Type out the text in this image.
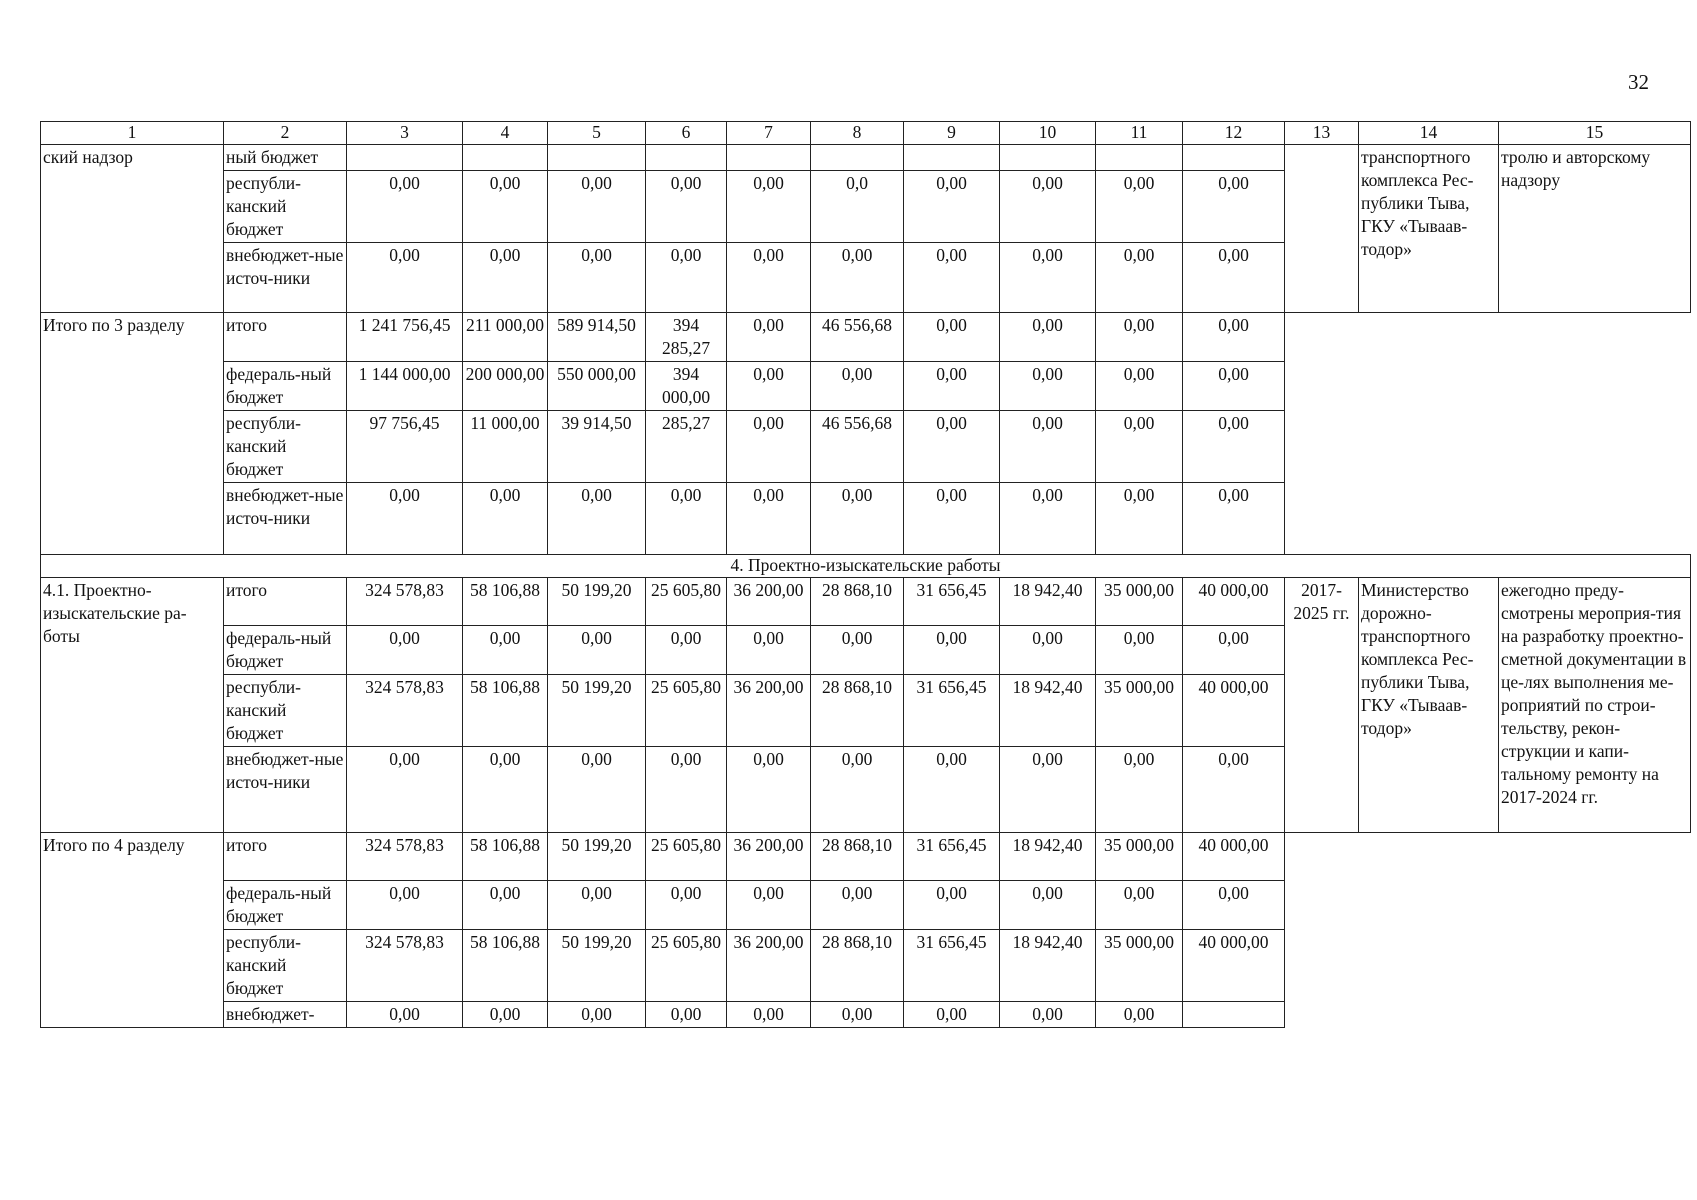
32
1	2	3	4	5	6	7	8	9	10	11	12	13	14	15
ский надзор	ный бюджет												транспортного комплекса Рес-публики Тыва, ГКУ «Тываав-тодор»	тролю и авторскому надзору
	республи-канский бюджет	0,00	0,00	0,00	0,00	0,00	0,0	0,00	0,00	0,00	0,00			
	внебюджет-ные источ-ники	0,00	0,00	0,00	0,00	0,00	0,00	0,00	0,00	0,00	0,00			
Итого по 3 разделу	итого	1 241 756,45	211 000,00	589 914,50	394 285,27	0,00	46 556,68	0,00	0,00	0,00	0,00			
	федераль-ный бюджет	1 144 000,00	200 000,00	550 000,00	394 000,00	0,00	0,00	0,00	0,00	0,00	0,00			
	республи-канский бюджет	97 756,45	11 000,00	39 914,50	285,27	0,00	46 556,68	0,00	0,00	0,00	0,00			
	внебюджет-ные источ-ники	0,00	0,00	0,00	0,00	0,00	0,00	0,00	0,00	0,00	0,00			
4. Проектно-изыскательские работы														
4.1. Проектно-изыскательские ра-боты	итого	324 578,83	58 106,88	50 199,20	25 605,80	36 200,00	28 868,10	31 656,45	18 942,40	35 000,00	40 000,00	2017-2025 гг.	Министерство дорожно-транспортного комплекса Рес-публики Тыва, ГКУ «Тываав-тодор»	ежегодно преду-смотрены мероприя-тия на разработку проектно-сметной документации в це-лях выполнения ме-роприятий по строи-тельству, рекон-струкции и капи-тальному ремонту на 2017-2024 гг.
	федераль-ный бюджет	0,00	0,00	0,00	0,00	0,00	0,00	0,00	0,00	0,00	0,00			
	республи-канский бюджет	324 578,83	58 106,88	50 199,20	25 605,80	36 200,00	28 868,10	31 656,45	18 942,40	35 000,00	40 000,00			
	внебюджет-ные источ-ники	0,00	0,00	0,00	0,00	0,00	0,00	0,00	0,00	0,00	0,00			
Итого по 4 разделу	итого	324 578,83	58 106,88	50 199,20	25 605,80	36 200,00	28 868,10	31 656,45	18 942,40	35 000,00	40 000,00			
	федераль-ный бюджет	0,00	0,00	0,00	0,00	0,00	0,00	0,00	0,00	0,00	0,00			
	республи-канский бюджет	324 578,83	58 106,88	50 199,20	25 605,80	36 200,00	28 868,10	31 656,45	18 942,40	35 000,00	40 000,00			
	внебюджет-	0,00	0,00	0,00	0,00	0,00	0,00	0,00	0,00	0,00				
